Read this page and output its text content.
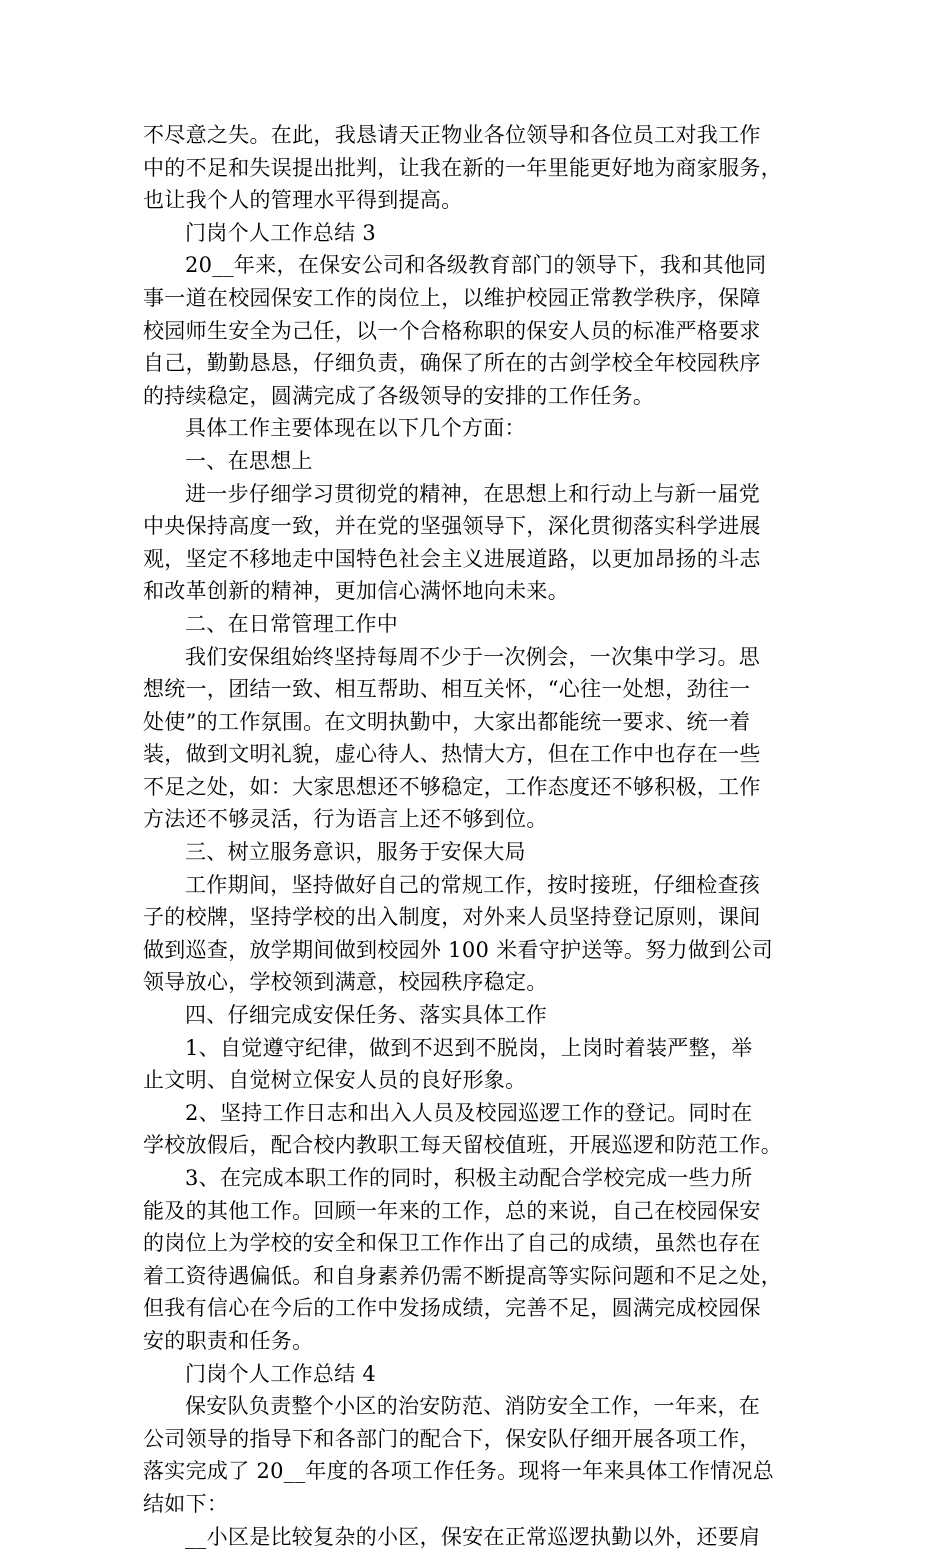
不尽意之失。在此，我恳请天正物业各位领导和各位员工对我工作
中的不足和失误提出批判，让我在新的一年里能更好地为商家服务，
也让我个人的管理水平得到提高。
门岗个人工作总结 3
20__年来，在保安公司和各级教育部门的领导下，我和其他同
事一道在校园保安工作的岗位上，以维护校园正常教学秩序，保障
校园师生安全为己任，以一个合格称职的保安人员的标准严格要求
自己，勤勤恳恳，仔细负责，确保了所在的古剑学校全年校园秩序
的持续稳定，圆满完成了各级领导的安排的工作任务。
具体工作主要体现在以下几个方面：
一、在思想上
进一步仔细学习贯彻党的精神，在思想上和行动上与新一届党
中央保持高度一致，并在党的坚强领导下，深化贯彻落实科学进展
观，坚定不移地走中国特色社会主义进展道路，以更加昂扬的斗志
和改革创新的精神，更加信心满怀地向未来。
二、在日常管理工作中
我们安保组始终坚持每周不少于一次例会，一次集中学习。思
想统一，团结一致、相互帮助、相互关怀，“心往一处想，劲往一
处使”的工作氛围。在文明执勤中，大家出都能统一要求、统一着
装，做到文明礼貌，虚心待人、热情大方，但在工作中也存在一些
不足之处，如：大家思想还不够稳定，工作态度还不够积极，工作
方法还不够灵活，行为语言上还不够到位。
三、树立服务意识，服务于安保大局
工作期间，坚持做好自己的常规工作，按时接班，仔细检查孩
子的校牌，坚持学校的出入制度，对外来人员坚持登记原则，课间
做到巡查，放学期间做到校园外 100 米看守护送等。努力做到公司
领导放心，学校领到满意，校园秩序稳定。
四、仔细完成安保任务、落实具体工作
1、自觉遵守纪律，做到不迟到不脱岗，上岗时着装严整，举
止文明、自觉树立保安人员的良好形象。
2、坚持工作日志和出入人员及校园巡逻工作的登记。同时在
学校放假后，配合校内教职工每天留校值班，开展巡逻和防范工作。
3、在完成本职工作的同时，积极主动配合学校完成一些力所
能及的其他工作。回顾一年来的工作，总的来说，自己在校园保安
的岗位上为学校的安全和保卫工作作出了自己的成绩，虽然也存在
着工资待遇偏低。和自身素养仍需不断提高等实际问题和不足之处，
但我有信心在今后的工作中发扬成绩，完善不足，圆满完成校园保
安的职责和任务。
门岗个人工作总结 4
保安队负责整个小区的治安防范、消防安全工作，一年来，在
公司领导的指导下和各部门的配合下，保安队仔细开展各项工作，
落实完成了 20__年度的各项工作任务。现将一年来具体工作情况总
结如下：
__小区是比较复杂的小区，保安在正常巡逻执勤以外，还要肩
